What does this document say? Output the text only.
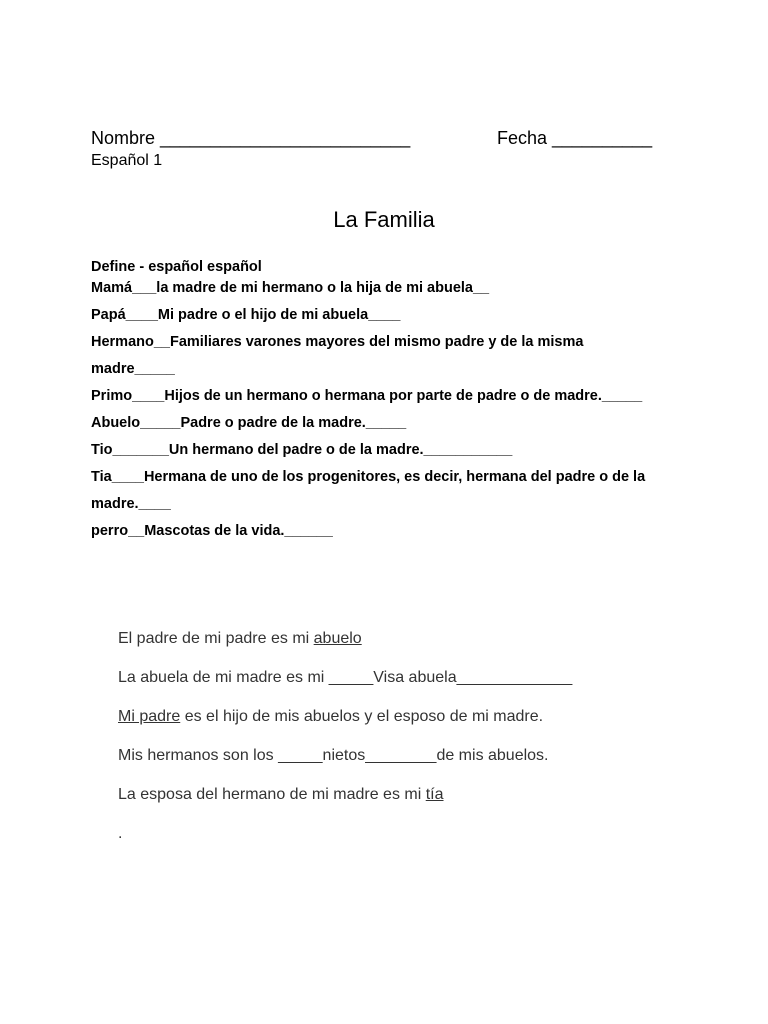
Nombre _________________________	Fecha __________
Español 1
La Familia
Define - español español
Mamá___la madre de mi hermano o la hija de mi abuela__
Papá____Mi padre o el hijo de mi abuela____
Hermano__Familiares varones mayores del mismo padre y de la misma
madre_____
Primo____Hijos de un hermano o hermana por parte de padre o de madre._____
Abuelo_____Padre o padre de la madre._____
Tio_______Un hermano del padre o de la madre.___________
Tia____Hermana de uno de los progenitores, es decir, hermana del padre o de la
madre.____
perro__Mascotas de la vida.______
El padre de mi padre es mi abuelo
La abuela de mi madre es mi _____Visa abuela_____________
Mi padre es el hijo de mis abuelos y el esposo de mi madre.
Mis hermanos son los _____nietos________de mis abuelos.
La esposa del hermano de mi madre es mi tía
.
